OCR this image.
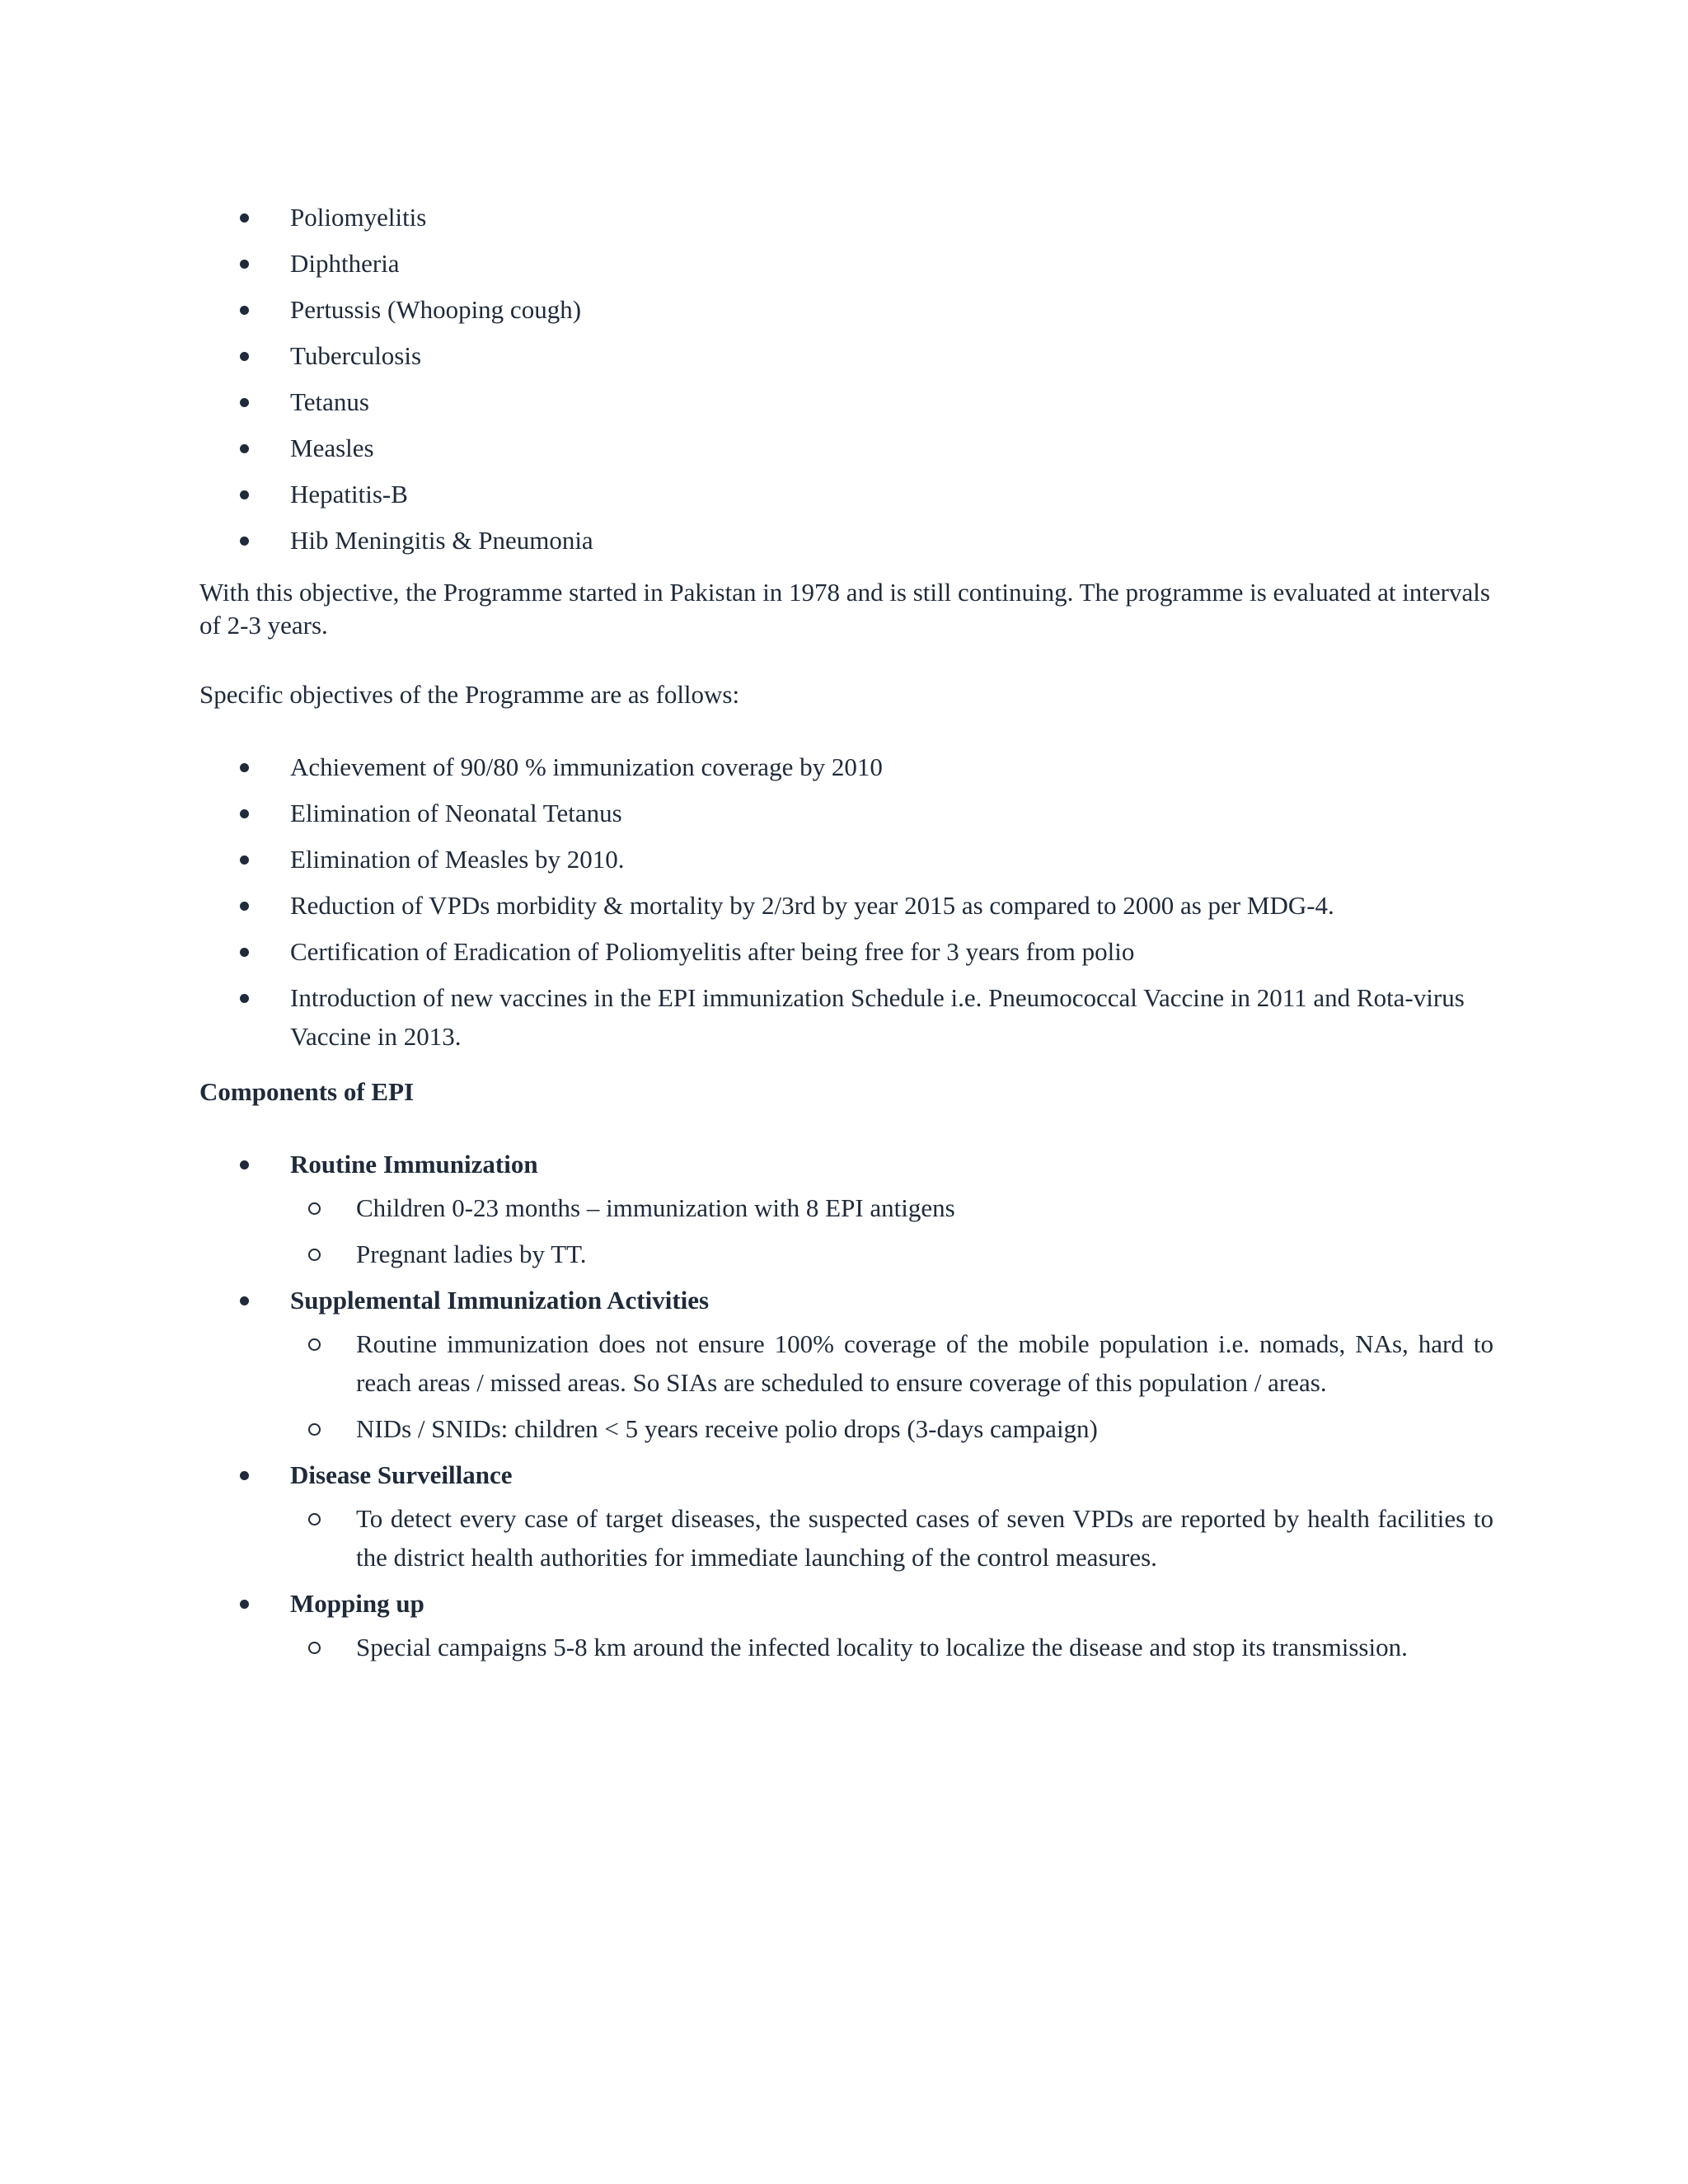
Poliomyelitis
Diphtheria
Pertussis (Whooping cough)
Tuberculosis
Tetanus
Measles
Hepatitis-B
Hib Meningitis & Pneumonia

With this objective, the Programme started in Pakistan in 1978 and is still continuing. The programme is evaluated at intervals of 2-3 years.

Specific objectives of the Programme are as follows:

Achievement of 90/80 % immunization coverage by 2010
Elimination of Neonatal Tetanus
Elimination of Measles by 2010.
Reduction of VPDs morbidity & mortality by 2/3rd by year 2015 as compared to 2000 as per MDG-4.
Certification of Eradication of Poliomyelitis after being free for 3 years from polio
Introduction of new vaccines in the EPI immunization Schedule i.e. Pneumococcal Vaccine in 2011 and Rota-virus Vaccine in 2013.

Components of EPI

Routine Immunization
Children 0-23 months – immunization with 8 EPI antigens
Pregnant ladies by TT.
Supplemental Immunization Activities
Routine immunization does not ensure 100% coverage of the mobile population i.e. nomads, NAs, hard to reach areas / missed areas. So SIAs are scheduled to ensure coverage of this population / areas.
NIDs / SNIDs: children < 5 years receive polio drops (3-days campaign)
Disease Surveillance
To detect every case of target diseases, the suspected cases of seven VPDs are reported by health facilities to the district health authorities for immediate launching of the control measures.
Mopping up
Special campaigns 5-8 km around the infected locality to localize the disease and stop its transmission.
